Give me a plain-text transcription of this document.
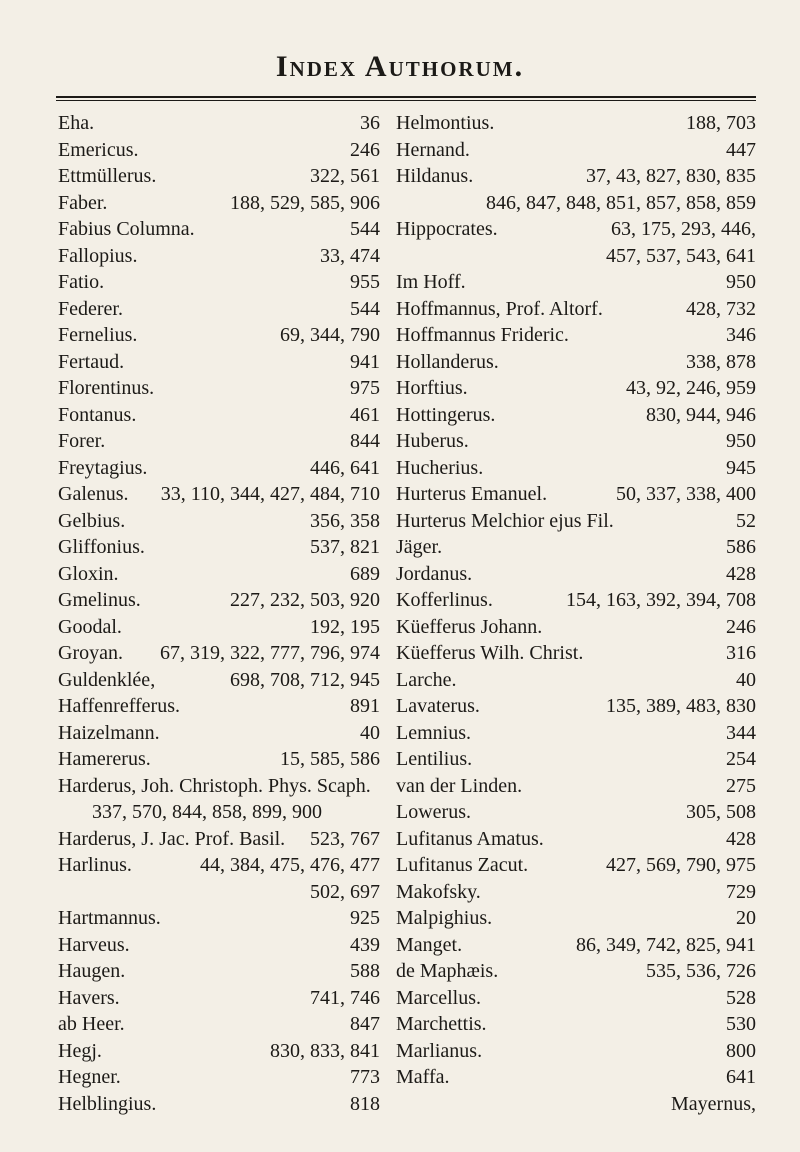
Index Authorum.
Eha.	36
Emericus.	246
Ettmüllerus.	322, 561
Faber.	188, 529, 585, 906
Fabius Columna.	544
Fallopius.	33, 474
Fatio.	955
Federer.	544
Fernelius.	69, 344, 790
Fertaud.	941
Florentinus.	975
Fontanus.	461
Forer.	844
Freytagius.	446, 641
Galenus. 33, 110, 344, 427, 484, 710
Gelbius.	356, 358
Gliffonius.	537, 821
Gloxin.	689
Gmelinus.	227, 232, 503, 920
Goodal.	192, 195
Groyan. 67, 319, 322, 777, 796, 974
Guldenklée,	698, 708, 712, 945
Haffenrefferus.	891
Haizelmann.	40
Hamererus.	15, 585, 586
Harderus, Joh. Christoph. Phys. Scaph.
337, 570, 844, 858, 899, 900
Harderus, J. Jac. Prof. Basil. 523, 767
Harlinus.	44, 384, 475, 476, 477
502, 697
Hartmannus.	925
Harveus.	439
Haugen.	588
Havers.	741, 746
ab Heer.	847
Hegj.	830, 833, 841
Hegner.	773
Helblingius.	818
Helmontius.	188, 703
Hernand.	447
Hildanus.	37, 43, 827, 830, 835
846, 847, 848, 851, 857, 858, 859
Hippocrates.	63, 175, 293, 446,
457, 537, 543, 641
Im Hoff.	950
Hoffmannus, Prof. Altorf.	428, 732
Hoffmannus Frideric.	346
Hollanderus.	338, 878
Horftius.	43, 92, 246, 959
Hottingerus.	830, 944, 946
Huberus.	950
Hucherius.	945
Hurterus Emanuel.	50, 337, 338, 400
Hurterus Melchior ejus Fil.	52
Jäger.	586
Jordanus.	428
Kofferlinus.	154, 163, 392, 394, 708
Küefferus Johann.	246
Küefferus Wilh. Christ.	316
Larche.	40
Lavaterus.	135, 389, 483, 830
Lemnius.	344
Lentilius.	254
van der Linden.	275
Lowerus.	305, 508
Lufitanus Amatus.	428
Lufitanus Zacut.	427, 569, 790, 975
Makofsky.	729
Malpighius.	20
Manget.	86, 349, 742, 825, 941
de Maphæis.	535, 536, 726
Marcellus.	528
Marchettis.	530
Marlianus.	800
Maffa.	641
Mayernus,
